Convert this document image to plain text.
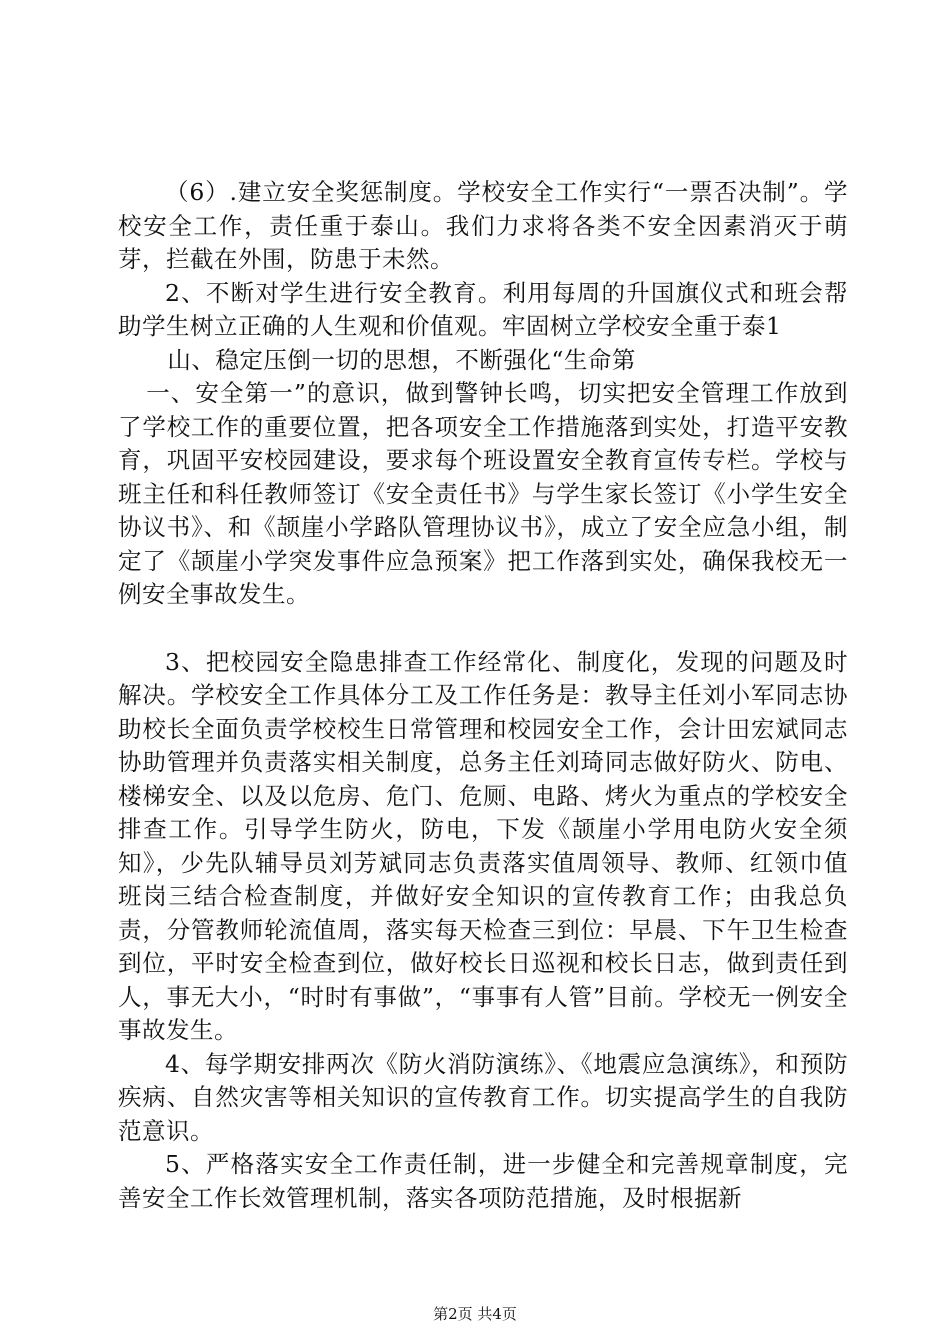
（6）.建立安全奖惩制度。学校安全工作实行“一票否决制”。学校安全工作，责任重于泰山。我们力求将各类不安全因素消灭于萌芽，拦截在外围，防患于未然。

2、不断对学生进行安全教育。利用每周的升国旗仪式和班会帮助学生树立正确的人生观和价值观。牢固树立学校安全重于泰1

山、稳定压倒一切的思想，不断强化“生命第

一、安全第一”的意识，做到警钟长鸣，切实把安全管理工作放到了学校工作的重要位置，把各项安全工作措施落到实处，打造平安教育，巩固平安校园建设，要求每个班设置安全教育宣传专栏。学校与班主任和科任教师签订《安全责任书》与学生家长签订《小学生安全协议书》、和《颉崖小学路队管理协议书》，成立了安全应急小组，制定了《颉崖小学突发事件应急预案》把工作落到实处，确保我校无一例安全事故发生。

3、把校园安全隐患排查工作经常化、制度化，发现的问题及时解决。学校安全工作具体分工及工作任务是：教导主任刘小军同志协助校长全面负责学校校生日常管理和校园安全工作，会计田宏斌同志协助管理并负责落实相关制度，总务主任刘琦同志做好防火、防电、楼梯安全、以及以危房、危门、危厕、电路、烤火为重点的学校安全排查工作。引导学生防火，防电，下发《颉崖小学用电防火安全须知》，少先队辅导员刘芳斌同志负责落实值周领导、教师、红领巾值班岗三结合检查制度，并做好安全知识的宣传教育工作；由我总负责，分管教师轮流值周，落实每天检查三到位：早晨、下午卫生检查到位，平时安全检查到位，做好校长日巡视和校长日志，做到责任到人，事无大小，“时时有事做”，“事事有人管”目前。学校无一例安全事故发生。

4、每学期安排两次《防火消防演练》、《地震应急演练》，和预防疾病、自然灾害等相关知识的宣传教育工作。切实提高学生的自我防范意识。

5、严格落实安全工作责任制，进一步健全和完善规章制度，完善安全工作长效管理机制，落实各项防范措施，及时根据新

第2页 共4页
